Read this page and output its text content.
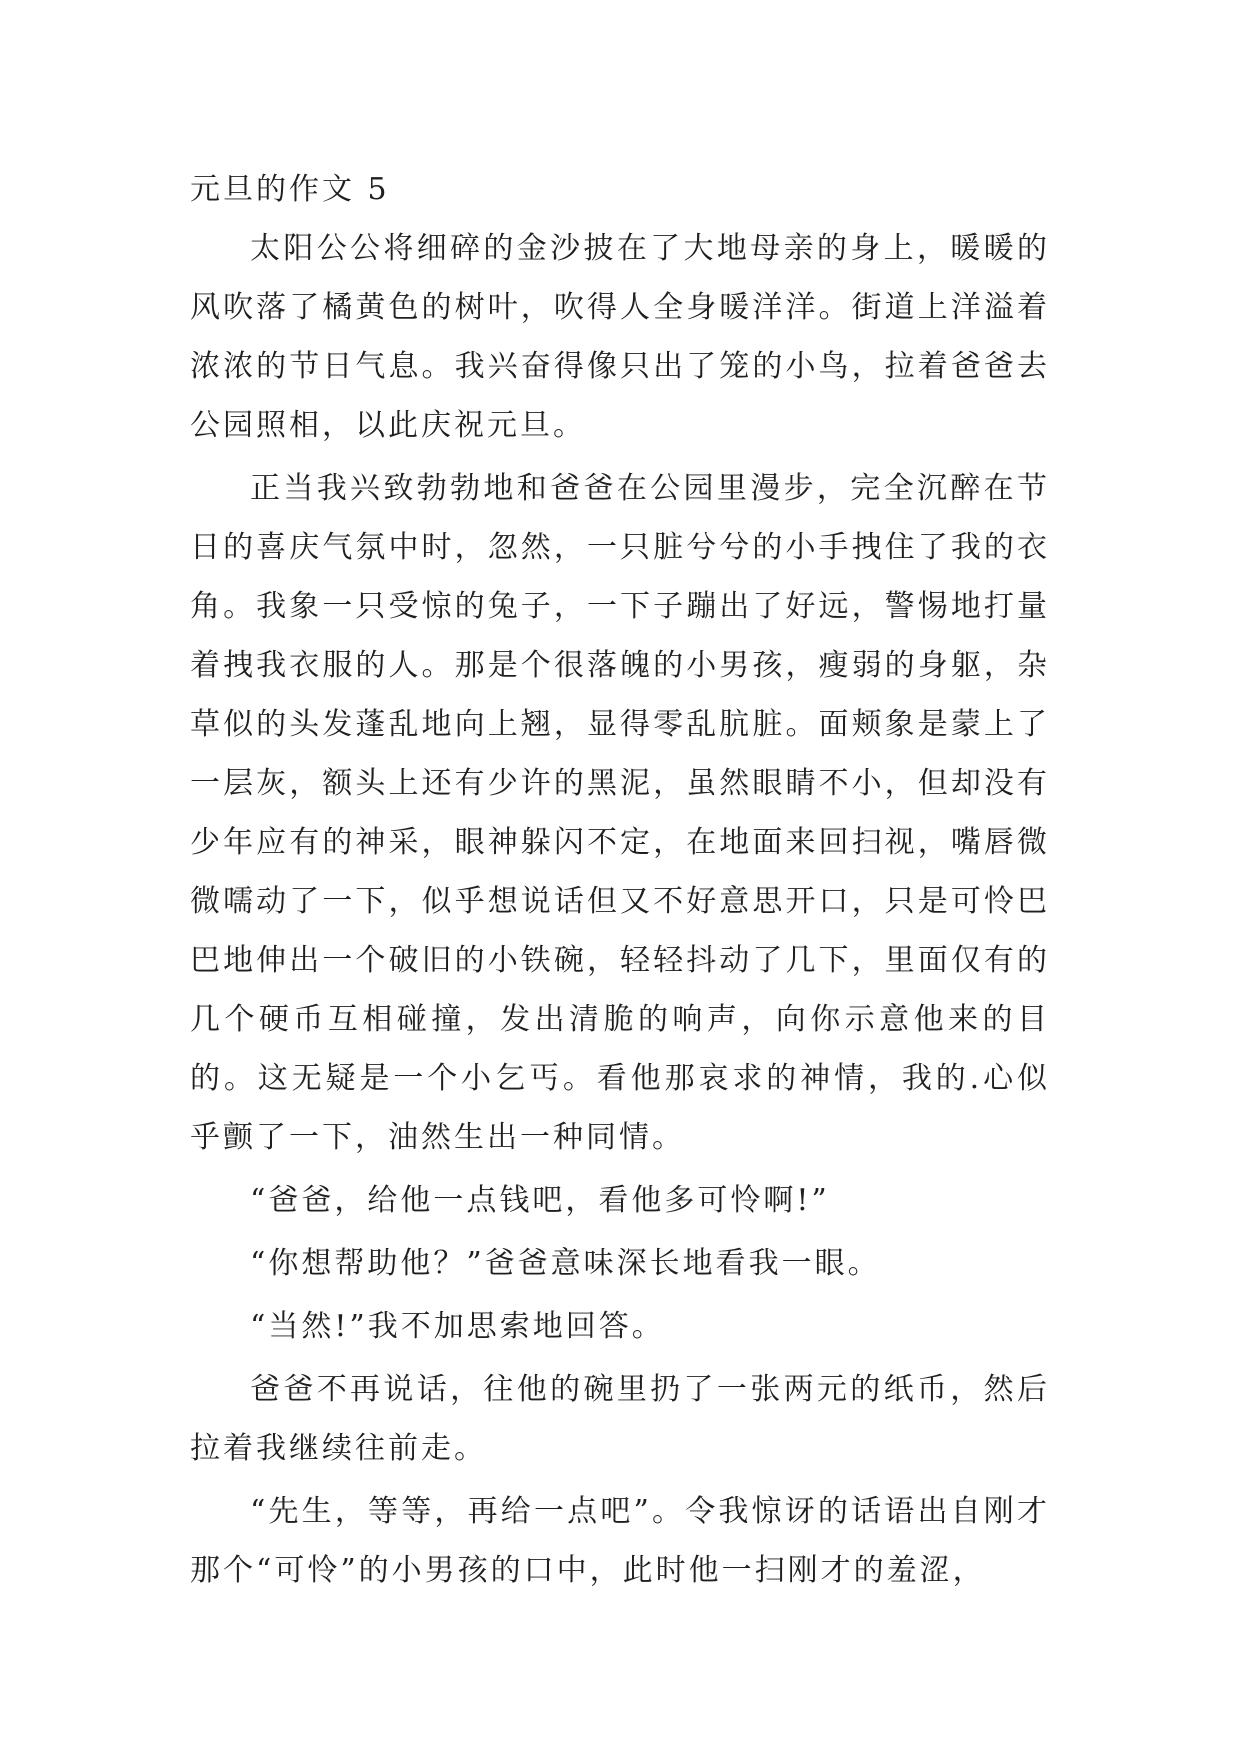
元旦的作文 5

太阳公公将细碎的金沙披在了大地母亲的身上，暖暖的风吹落了橘黄色的树叶，吹得人全身暖洋洋。街道上洋溢着浓浓的节日气息。我兴奋得像只出了笼的小鸟，拉着爸爸去公园照相，以此庆祝元旦。

正当我兴致勃勃地和爸爸在公园里漫步，完全沉醉在节日的喜庆气氛中时，忽然，一只脏兮兮的小手拽住了我的衣角。我象一只受惊的兔子，一下子蹦出了好远，警惕地打量着拽我衣服的人。那是个很落魄的小男孩，瘦弱的身躯，杂草似的头发蓬乱地向上翘，显得零乱肮脏。面颊象是蒙上了一层灰，额头上还有少许的黑泥，虽然眼睛不小，但却没有少年应有的神采，眼神躲闪不定，在地面来回扫视，嘴唇微微嚅动了一下，似乎想说话但又不好意思开口，只是可怜巴巴地伸出一个破旧的小铁碗，轻轻抖动了几下，里面仅有的几个硬币互相碰撞，发出清脆的响声，向你示意他来的目的。这无疑是一个小乞丐。看他那哀求的神情，我的.心似乎颤了一下，油然生出一种同情。

“爸爸，给他一点钱吧，看他多可怜啊!”

“你想帮助他？”爸爸意味深长地看我一眼。

“当然!”我不加思索地回答。

爸爸不再说话，往他的碗里扔了一张两元的纸币，然后拉着我继续往前走。

“先生，等等，再给一点吧”。令我惊讶的话语出自刚才那个“可怜”的小男孩的口中，此时他一扫刚才的羞涩，
